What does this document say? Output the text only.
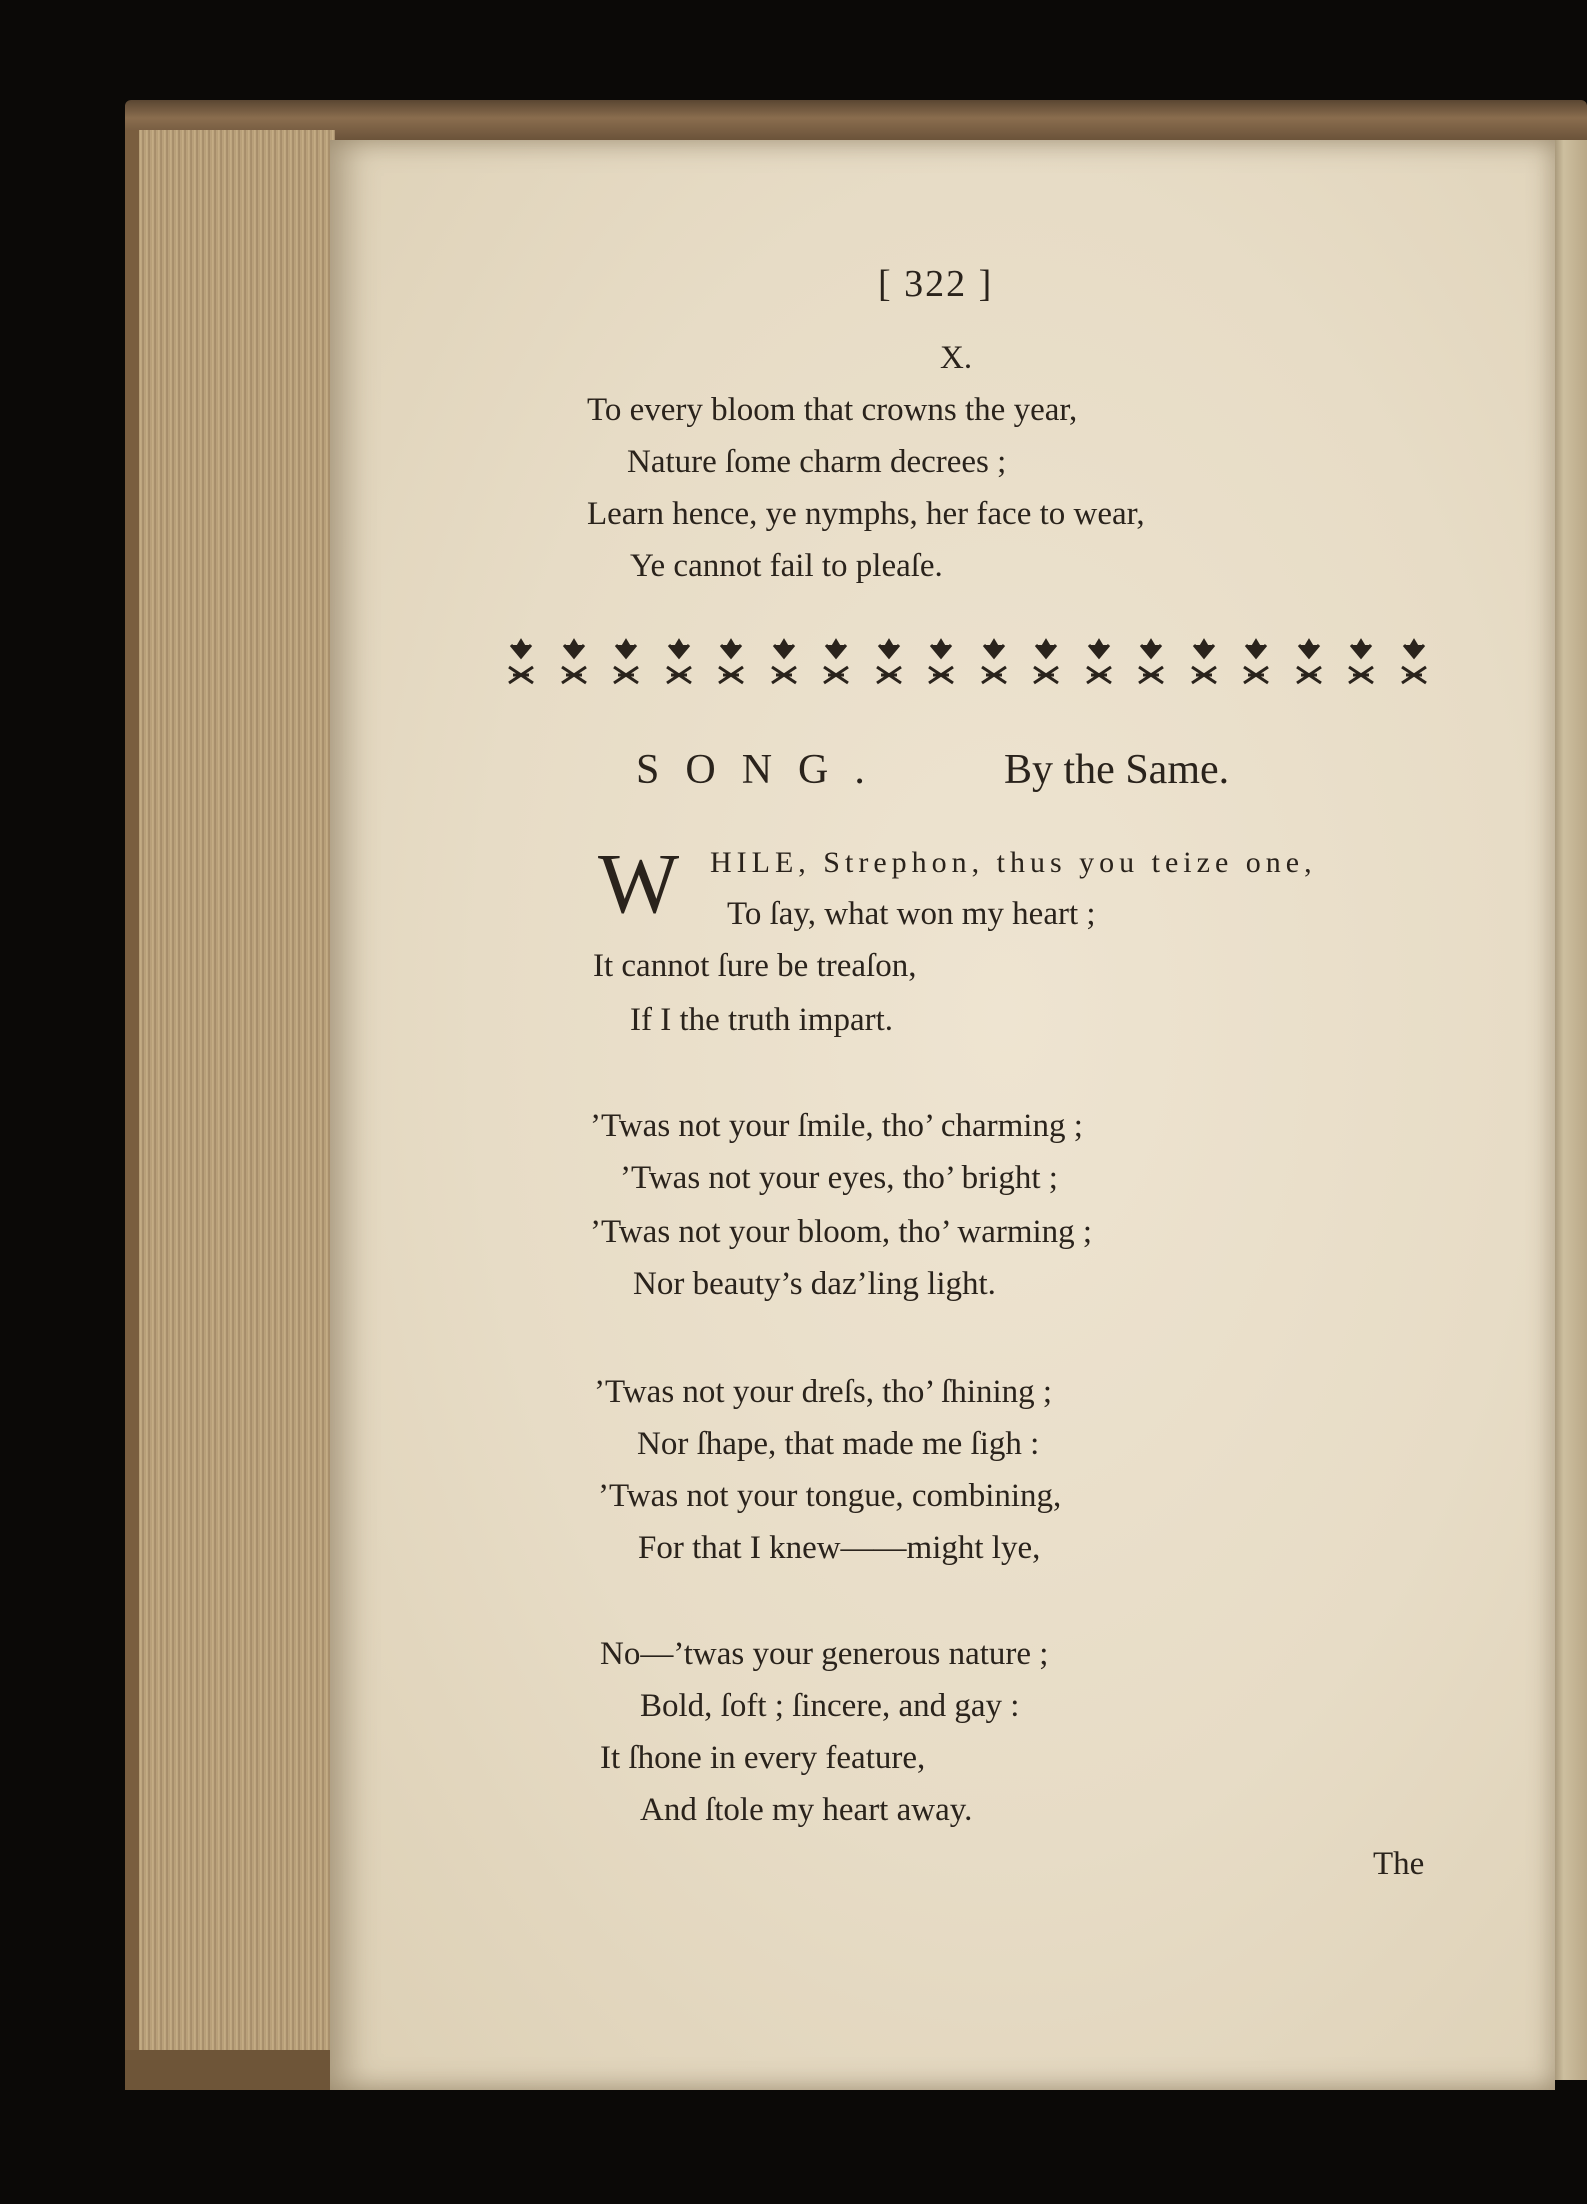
[ 322 ]
X.
To every bloom that crowns the year,
Nature ſome charm decrees ;
Learn hence, ye nymphs, her face to wear,
Ye cannot fail to pleaſe.
SONG.	By the Same.
W HILE, Strephon, thus you teize one,
To ſay, what won my heart ;
It cannot ſure be treaſon,
If I the truth impart.
’Twas not your ſmile, tho’ charming ;
’Twas not your eyes, tho’ bright ;
’Twas not your bloom, tho’ warming ;
Nor beauty’s daz’ling light.
’Twas not your dreſs, tho’ ſhining ;
Nor ſhape, that made me ſigh :
’Twas not your tongue, combining,
For that I knew——might lye,
No—’twas your generous nature ;
Bold, ſoft ; ſincere, and gay :
It ſhone in every feature,
And ſtole my heart away.
The
